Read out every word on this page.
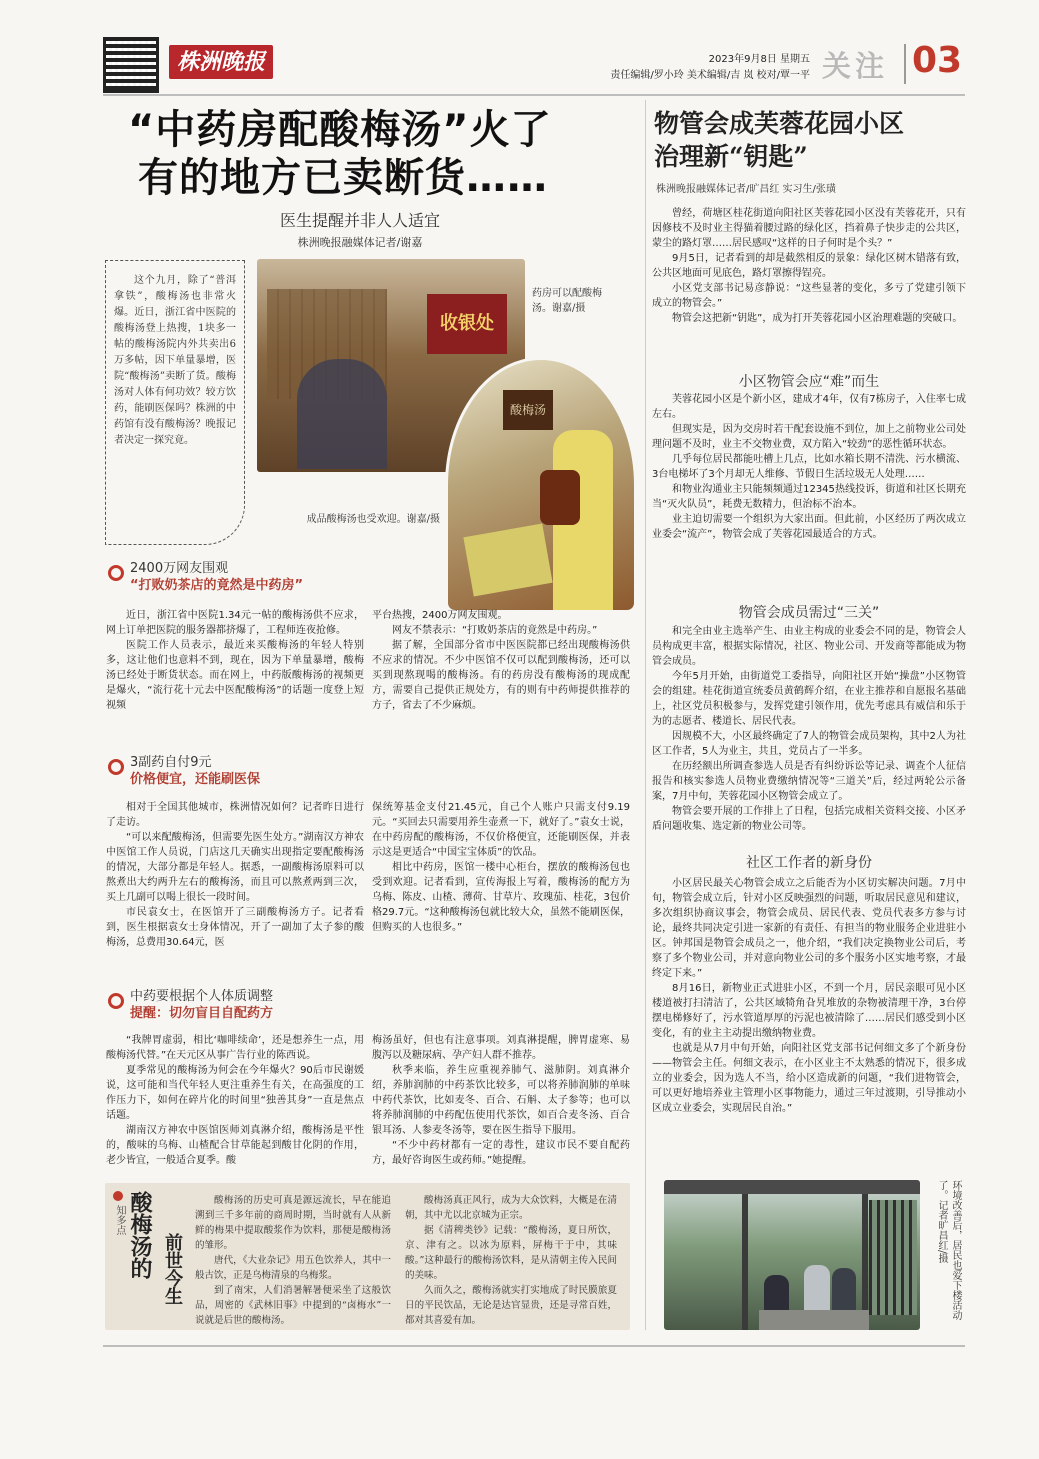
株洲晚报	2023年9月8日 星期五
责任编辑/罗小玲 美术编辑/吉 岚 校对/覃一平 关注 03
“中药房配酸梅汤”火了
有的地方已卖断货……
医生提醒并非人人适宜
株洲晚报融媒体记者/谢嘉
这个九月，除了“普洱拿铁”，酸梅汤也非常火爆。近日，浙江省中医院的酸梅汤登上热搜，1块多一帖的酸梅汤院内外共卖出6万多帖，因下单量暴增，医院“酸梅汤”卖断了货。酸梅汤对人体有何功效？较方饮药，能刷医保吗？株洲的中药馆有没有酸梅汤？晚报记者决定一探究竟。
收银处
药房可以配酸梅汤。谢嘉/摄
酸梅汤
成品酸梅汤也受欢迎。谢嘉/摄
2400万网友围观
“打败奶茶店的竟然是中药房”

近日，浙江省中医院1.34元一帖的酸梅汤供不应求，网上订单把医院的服务器都挤爆了，工程师连夜抢修。

医院工作人员表示，最近来买酸梅汤的年轻人特别多，这让他们也意料不到，现在，因为下单量暴增，酸梅汤已经处于断货状态。而在网上，中药版酸梅汤的视频更是爆火，“流行花十元去中医配酸梅汤”的话题一度登上短视频

平台热搜，2400万网友围观。

网友不禁表示：“打败奶茶店的竟然是中药房。”

据了解，全国部分省市中医医院都已经出现酸梅汤供不应求的情况。不少中医馆不仅可以配到酸梅汤，还可以买到现熬现喝的酸梅汤。有的药房没有酸梅汤的现成配方，需要自己提供正规处方，有的则有中药师提供推荐的方子，省去了不少麻烦。

3副药自付9元
价格便宜，还能刷医保

相对于全国其他城市，株洲情况如何？记者昨日进行了走访。

“可以来配酸梅汤，但需要先医生处方。”湖南汉方神农中医馆工作人员说，门店这几天确实出现指定要配酸梅汤的情况，大部分都是年轻人。据悉，一副酸梅汤原料可以熬煮出大约两升左右的酸梅汤，而且可以熬煮两到三次，买上几副可以喝上很长一段时间。

市民袁女士，在医馆开了三副酸梅汤方子。记者看到，医生根据袁女士身体情况，开了一副加了太子参的酸梅汤，总费用30.64元，医

保统筹基金支付21.45元，自己个人账户只需支付9.19元。“买回去只需要用养生壶煮一下，就好了。”袁女士说，在中药房配的酸梅汤，不仅价格便宜，还能刷医保，并表示这是更适合“中国宝宝体质”的饮品。

相比中药房，医馆一楼中心柜台，摆放的酸梅汤包也受到欢迎。记者看到，宣传海报上写着，酸梅汤的配方为乌梅、陈皮、山楂、薄荷、甘草片、玫瑰茄、桂花，3包价格29.7元。“这种酸梅汤包就比较大众，虽然不能刷医保，但购买的人也很多。”

中药要根据个人体质调整
提醒：切勿盲目自配药方

“我牌胃虚弱，相比‘咖啡续命’，还是想养生一点，用酸梅汤代替。”在天元区从事广告行业的陈西说。

夏季常见的酸梅汤为何会在今年爆火？90后市民谢媛说，这可能和当代年轻人更注重养生有关，在高强度的工作压力下，如何在碎片化的时间里“独善其身”一直是焦点话题。

湖南汉方神农中医馆医师刘真淋介绍，酸梅汤是平性的，酸味的乌梅、山楂配合甘草能起到酸甘化阴的作用，老少皆宜，一般适合夏季。酸

梅汤虽好，但也有注意事项。刘真淋提醒，脾胃虚寒、易腹泻以及糖尿病、孕产妇人群不推荐。

秋季来临，养生应重视养肺气、滋肺阴。刘真淋介绍，养肺润肺的中药茶饮比较多，可以将养肺润肺的单味中药代茶饮，比如麦冬、百合、石斛、太子参等；也可以将养肺润肺的中药配伍使用代茶饮，如百合麦冬汤、百合银耳汤、人参麦冬汤等，要在医生指导下服用。

“不少中药材都有一定的毒性，建议市民不要自配药方，最好咨询医生或药师。”她提醒。

知多点 酸梅汤的 前世今生

酸梅汤的历史可真是源远流长，早在能追溯到三千多年前的商周时期，当时就有人从新鲜的梅果中提取酸浆作为饮料，那便是酸梅汤的雏形。

唐代，《大业杂记》用五色饮养人，其中一般古饮，正是乌梅清泉的乌梅浆。

到了南宋，人们消暑解暑便采坐了这般饮品，周密的《武林旧事》中提到的“卤梅水”一说就是后世的酸梅汤。

酸梅汤真正风行，成为大众饮料，大概是在清朝，其中尤以北京城为正宗。

据《清稗类钞》记载：“酸梅汤，夏日所饮，京、津有之。以冰为原料，屏梅干于中，其味酸。”这种最行的酸梅汤饮料，是从清朝主传入民间的美味。

久而久之，酸梅汤就实打实地成了时民膜旅夏日的平民饮品，无论是达官显贵，还是寻常百姓，都对其喜爱有加。

物管会成芙蓉花园小区
治理新“钥匙”
株洲晚报融媒体记者/旷昌红 实习生/张璜

曾经，荷塘区桂花街道向阳社区芙蓉花园小区没有芙蓉花开，只有因修枝不及时业主得猫着腰过路的绿化区，挡着鼻子快步走的公共区，蒙尘的路灯罩……居民感叹“这样的日子何时是个头？”

9月5日，记者看到的却是截然相反的景象：绿化区树木错落有致，公共区地面可见底色，路灯罩擦得锃亮。

小区党支部书记易彦静说：“这些显著的变化，多亏了党建引领下成立的物管会。”

物管会这把新“钥匙”，成为打开芙蓉花园小区治理难题的突破口。

小区物管会应“难”而生

芙蓉花园小区是个新小区，建成才4年，仅有7栋房子，入住率七成左右。

但现实是，因为交房时若干配套设施不到位，加上之前物业公司处理问题不及时，业主不交物业费，双方陷入“较劲”的恶性循环状态。

几乎每位居民都能吐槽上几点，比如水箱长期不清洗、污水横流、3台电梯坏了3个月却无人维修、节假日生活垃圾无人处理……

和物业沟通业主只能频频通过12345热线投诉，街道和社区长期充当“灭火队员”，耗费无数精力，但治标不治本。

业主迫切需要一个组织为大家出面。但此前，小区经历了两次成立业委会“流产”，物管会成了芙蓉花园最适合的方式。

物管会成员需过“三关”

和完全由业主选举产生、由业主构成的业委会不同的是，物管会人员构成更丰富，根据实际情况，社区、物业公司、开发商等都能成为物管会成员。

今年5月开始，由街道党工委指导，向阳社区开始“操盘”小区物管会的组建。桂花街道宣统委员黄鹤辉介绍，在业主推荐和自愿报名基础上，社区党员积极参与，发挥党建引领作用，优先考虑具有威信和乐于为的志愿者、楼道长、居民代表。

因规模不大，小区最终确定了7人的物管会成员架构，其中2人为社区工作者，5人为业主，共且，党员占了一半多。

在历经额出所调查参选人员是否有纠纷诉讼等记录、调查个人征信报告和核实参选人员物业费缴纳情况等“三道关”后，经过两轮公示备案，7月中旬，芙蓉花园小区物管会成立了。

物管会要开展的工作排上了日程，包括完成相关资料交接、小区矛盾问题收集、选定新的物业公司等。

社区工作者的新身份

小区居民最关心物管会成立之后能否为小区切实解决问题。7月中旬，物管会成立后，针对小区反映强烈的问题，听取居民意见和建议，多次组织协商议事会，物管会成员、居民代表、党员代表多方参与讨论，最终共同决定引进一家新的有责任、有担当的物业服务企业进驻小区。钟邦国是物管会成员之一，他介绍，“我们决定换物业公司后，考察了多个物业公司，并对意向物业公司的多个服务小区实地考察，才最终定下来。”

8月16日，新物业正式进驻小区，不到一个月，居民亲眼可见小区楼道被打扫清洁了，公共区域犄角旮旯堆放的杂物被清理干净，3台停摆电梯修好了，污水管道厚厚的污泥也被清除了……居民们感受到小区变化，有的业主主动提出缴纳物业费。

也就是从7月中旬开始，向阳社区党支部书记何细文多了个新身份——物管会主任。何细文表示，在小区业主不太熟悉的情况下，很多成立的业委会，因为选人不当，给小区造成新的问题，“我们进物管会，可以更好地培养业主管理小区事物能力，通过三年过渡期，引导推动小区成立业委会，实现居民自治。”

环境改善后，居民也爱下楼活动了。记者旷昌红/摄
